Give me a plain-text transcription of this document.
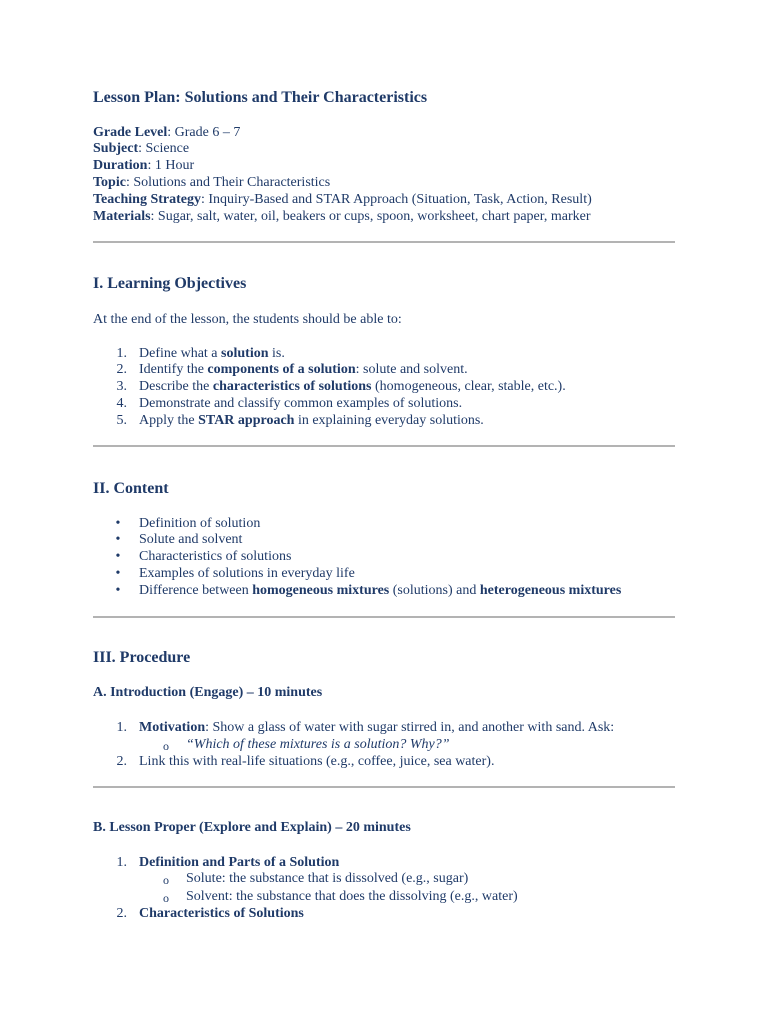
Lesson Plan: Solutions and Their Characteristics
Grade Level: Grade 6 – 7
Subject: Science
Duration: 1 Hour
Topic: Solutions and Their Characteristics
Teaching Strategy: Inquiry-Based and STAR Approach (Situation, Task, Action, Result)
Materials: Sugar, salt, water, oil, beakers or cups, spoon, worksheet, chart paper, marker
I. Learning Objectives
At the end of the lesson, the students should be able to:
1. Define what a solution is.
2. Identify the components of a solution: solute and solvent.
3. Describe the characteristics of solutions (homogeneous, clear, stable, etc.).
4. Demonstrate and classify common examples of solutions.
5. Apply the STAR approach in explaining everyday solutions.
II. Content
• Definition of solution
• Solute and solvent
• Characteristics of solutions
• Examples of solutions in everyday life
• Difference between homogeneous mixtures (solutions) and heterogeneous mixtures
III. Procedure
A. Introduction (Engage) – 10 minutes
1. Motivation: Show a glass of water with sugar stirred in, and another with sand. Ask:
o “Which of these mixtures is a solution? Why?”
2. Link this with real-life situations (e.g., coffee, juice, sea water).
B. Lesson Proper (Explore and Explain) – 20 minutes
1. Definition and Parts of a Solution
o Solute: the substance that is dissolved (e.g., sugar)
o Solvent: the substance that does the dissolving (e.g., water)
2. Characteristics of Solutions
